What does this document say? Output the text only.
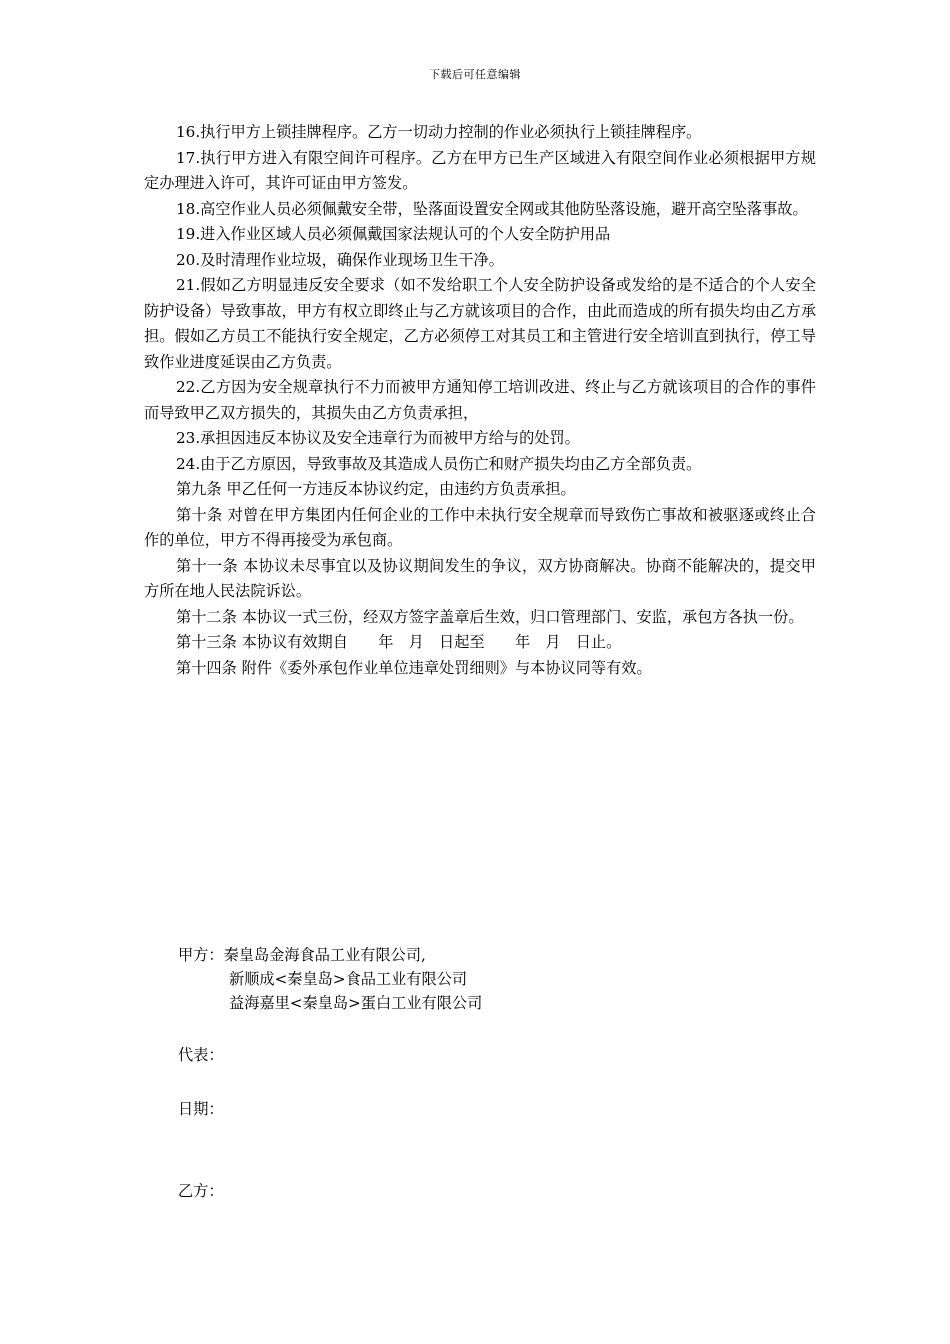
下载后可任意编辑

16.执行甲方上锁挂牌程序。乙方一切动力控制的作业必须执行上锁挂牌程序。

17.执行甲方进入有限空间许可程序。乙方在甲方已生产区域进入有限空间作业必须根据甲方规定办理进入许可，其许可证由甲方签发。

18.高空作业人员必须佩戴安全带，坠落面设置安全网或其他防坠落设施，避开高空坠落事故。

19.进入作业区域人员必须佩戴国家法规认可的个人安全防护用品

20.及时清理作业垃圾，确保作业现场卫生干净。

21.假如乙方明显违反安全要求（如不发给职工个人安全防护设备或发给的是不适合的个人安全防护设备）导致事故，甲方有权立即终止与乙方就该项目的合作，由此而造成的所有损失均由乙方承担。假如乙方员工不能执行安全规定，乙方必须停工对其员工和主管进行安全培训直到执行，停工导致作业进度延误由乙方负责。

22.乙方因为安全规章执行不力而被甲方通知停工培训改进、终止与乙方就该项目的合作的事件而导致甲乙双方损失的，其损失由乙方负责承担，

23.承担因违反本协议及安全违章行为而被甲方给与的处罚。

24.由于乙方原因，导致事故及其造成人员伤亡和财产损失均由乙方全部负责。

第九条 甲乙任何一方违反本协议约定，由违约方负责承担。

第十条 对曾在甲方集团内任何企业的工作中未执行安全规章而导致伤亡事故和被驱逐或终止合作的单位，甲方不得再接受为承包商。

第十一条 本协议未尽事宜以及协议期间发生的争议，双方协商解决。协商不能解决的，提交甲方所在地人民法院诉讼。

第十二条 本协议一式三份，经双方签字盖章后生效，归口管理部门、安监，承包方各执一份。

第十三条 本协议有效期自　　年　月　日起至　　年　月　日止。

第十四条 附件《委外承包作业单位违章处罚细则》与本协议同等有效。

甲方：秦皇岛金海食品工业有限公司,
新顺成<秦皇岛>食品工业有限公司
益海嘉里<秦皇岛>蛋白工业有限公司
代表：
日期：
乙方：
